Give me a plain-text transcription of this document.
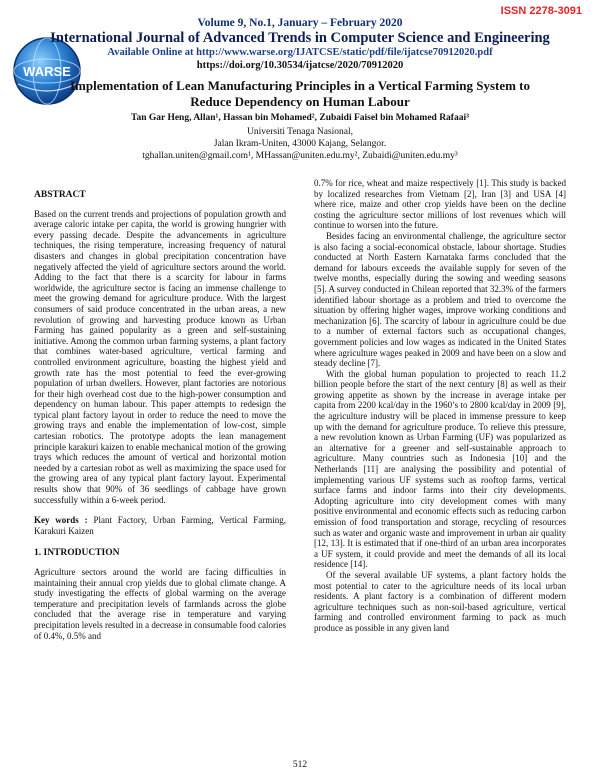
ISSN 2278-3091
WARSE
Volume 9, No.1, January – February 2020
International Journal of Advanced Trends in Computer Science and Engineering
Available Online at http://www.warse.org/IJATCSE/static/pdf/file/ijatcse70912020.pdf
https://doi.org/10.30534/ijatcse/2020/70912020
Implementation of Lean Manufacturing Principles in a Vertical Farming System to Reduce Dependency on Human Labour
Tan Gar Heng, Allan¹, Hassan bin Mohamed², Zubaidi Faisel bin Mohamed Rafaai³
Universiti Tenaga Nasional,
Jalan Ikram-Uniten, 43000 Kajang, Selangor.
tghallan.uniten@gmail.com¹, MHassan@uniten.edu.my², Zubaidi@uniten.edu.my³
ABSTRACT

Based on the current trends and projections of population growth and average caloric intake per capita, the world is growing hungrier with every passing decade. Despite the advancements in agriculture techniques, the rising temperature, increasing frequency of natural disasters and changes in global precipitation concentration have negatively affected the yield of agriculture sectors around the world. Adding to the fact that there is a scarcity for labour in farms worldwide, the agriculture sector is facing an immense challenge to meet the growing demand for agriculture produce. With the largest consumers of said produce concentrated in the urban areas, a new revolution of growing and harvesting produce known as Urban Farming has gained popularity as a green and self-sustaining initiative. Among the common urban farming systems, a plant factory that combines water-based agriculture, vertical farming and controlled environment agriculture, boasting the highest yield and growth rate has the most potential to feed the ever-growing population of urban dwellers. However, plant factories are notorious for their high overhead cost due to the high-power consumption and dependency on human labour. This paper attempts to redesign the typical plant factory layout in order to reduce the need to move the growing trays and enable the implementation of low-cost, simple cartesian robotics. The prototype adopts the lean management principle karakuri kaizen to enable mechanical motion of the growing trays which reduces the amount of vertical and horizontal motion needed by a cartesian robot as well as maximizing the space used for the growing area of any typical plant factory layout. Experimental results show that 90% of 36 seedlings of cabbage have grown successfully within a 6-week period.

Key words : Plant Factory, Urban Farming, Vertical Farming, Karakuri Kaizen

1. INTRODUCTION

Agriculture sectors around the world are facing difficulties in maintaining their annual crop yields due to global climate change. A study investigating the effects of global warming on the average temperature and precipitation levels of farmlands across the globe concluded that the average rise in temperature and varying precipitation levels resulted in a decrease in consumable food calories of 0.4%, 0.5% and

0.7% for rice, wheat and maize respectively [1]. This study is backed by localized researches from Vietnam [2], Iran [3] and USA [4] where rice, maize and other crop yields have been on the decline costing the agriculture sector millions of lost revenues which will continue to worsen into the future.

Besides facing an environmental challenge, the agriculture sector is also facing a social-economical obstacle, labour shortage. Studies conducted at North Eastern Karnataka farms concluded that the demand for labours exceeds the available supply for seven of the twelve months, especially during the sowing and weeding seasons [5]. A survey conducted in Chilean reported that 32.3% of the farmers identified labour shortage as a problem and tried to overcome the situation by offering higher wages, improve working conditions and mechanization [6]. The scarcity of labour in agriculture could be due to a number of external factors such as occupational changes, government policies and low wages as indicated in the United States where agriculture wages peaked in 2009 and have been on a slow and steady decline [7].

With the global human population to projected to reach 11.2 billion people before the start of the next century [8] as well as their growing appetite as shown by the increase in average intake per capita from 2200 kcal/day in the 1960’s to 2800 kcal/day in 2009 [9], the agriculture industry will be placed in immense pressure to keep up with the demand for agriculture produce. To relieve this pressure, a new revolution known as Urban Farming (UF) was popularized as an alternative for a greener and self-sustainable approach to agriculture. Many countries such as Indonesia [10] and the Netherlands [11] are analysing the possibility and potential of implementing various UF systems such as rooftop farms, vertical surface farms and indoor farms into their city developments. Adopting agriculture into city development comes with many positive environmental and economic effects such as reducing carbon emission of food transportation and storage, recycling of resources such as water and organic waste and improvement in urban air quality [12, 13]. It is estimated that if one-third of an urban area incorporates a UF system, it could provide and meet the demands of all its local residence [14].

Of the several available UF systems, a plant factory holds the most potential to cater to the agriculture needs of its local urban residents. A plant factory is a combination of different modern agriculture techniques such as non-soil-based agriculture, vertical farming and controlled environment farming to pack as much produce as possible in any given land

512
